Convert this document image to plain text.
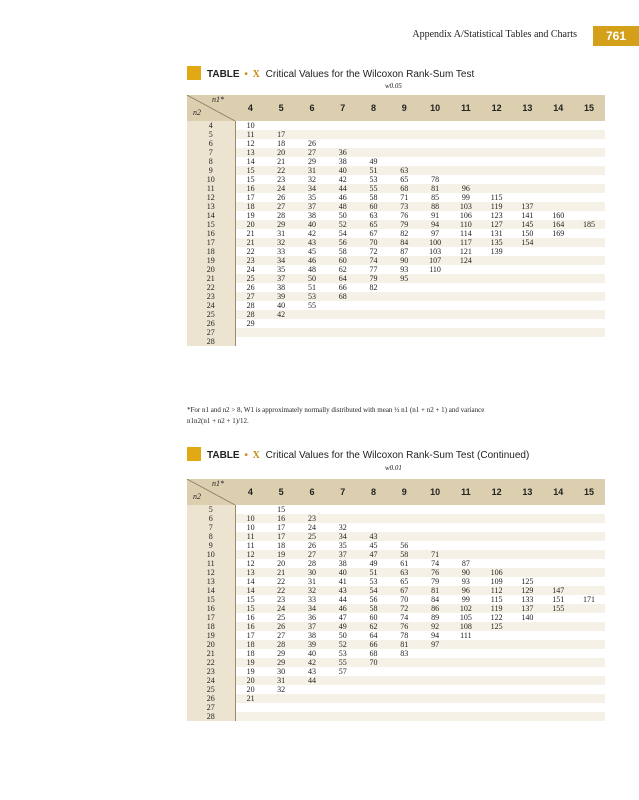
Appendix A/Statistical Tables and Charts	761
TABLE • X Critical Values for the Wilcoxon Rank-Sum Test
w0.05
n1*
n2	4	5	6	7	8	9	10	11	12	13	14	15
4	10											
5	11	17										
6	12	18	26									
7	13	20	27	36								
8	14	21	29	38	49							
9	15	22	31	40	51	63						
10	15	23	32	42	53	65	78					
11	16	24	34	44	55	68	81	96				
12	17	26	35	46	58	71	85	99	115			
13	18	27	37	48	60	73	88	103	119	137		
14	19	28	38	50	63	76	91	106	123	141	160	
15	20	29	40	52	65	79	94	110	127	145	164	185
16	21	31	42	54	67	82	97	114	131	150	169	
17	21	32	43	56	70	84	100	117	135	154		
18	22	33	45	58	72	87	103	121	139			
19	23	34	46	60	74	90	107	124				
20	24	35	48	62	77	93	110					
21	25	37	50	64	79	95						
22	26	38	51	66	82							
23	27	39	53	68								
24	28	40	55									
25	28	42										
26	29											
27												
28												
*For n1 and n2 > 8, W1 is approximately normally distributed with mean ½ n1 (n1 + n2 + 1) and variance
n1n2(n1 + n2 + 1)/12.
TABLE • X Critical Values for the Wilcoxon Rank-Sum Test (Continued)
w0.01
n1*
n2	4	5	6	7	8	9	10	11	12	13	14	15
5		15										
6	10	16	23									
7	10	17	24	32								
8	11	17	25	34	43							
9	11	18	26	35	45	56						
10	12	19	27	37	47	58	71					
11	12	20	28	38	49	61	74	87				
12	13	21	30	40	51	63	76	90	106			
13	14	22	31	41	53	65	79	93	109	125		
14	14	22	32	43	54	67	81	96	112	129	147	
15	15	23	33	44	56	70	84	99	115	133	151	171
16	15	24	34	46	58	72	86	102	119	137	155	
17	16	25	36	47	60	74	89	105	122	140		
18	16	26	37	49	62	76	92	108	125			
19	17	27	38	50	64	78	94	111				
20	18	28	39	52	66	81	97					
21	18	29	40	53	68	83						
22	19	29	42	55	70							
23	19	30	43	57								
24	20	31	44									
25	20	32										
26	21											
27												
28												
